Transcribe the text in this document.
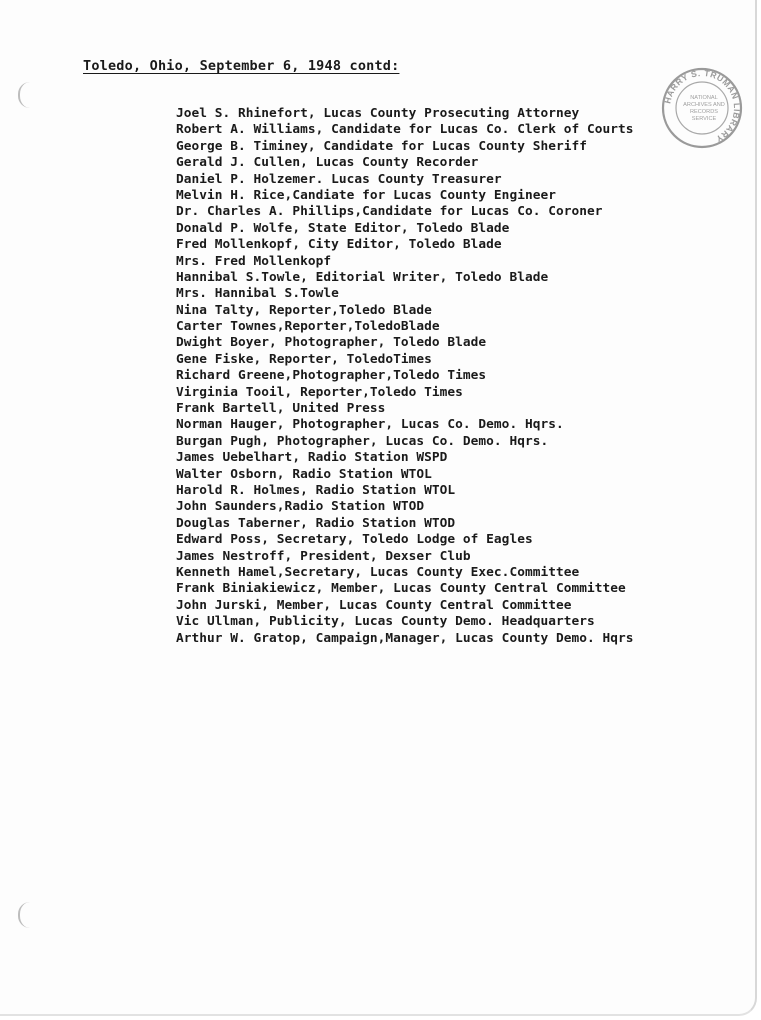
Toledo, Ohio, September 6, 1948 contd:
Joel S. Rhinefort, Lucas County Prosecuting Attorney
Robert A. Williams, Candidate for Lucas Co. Clerk of Courts
George B. Timiney, Candidate for Lucas County Sheriff
Gerald J. Cullen, Lucas County Recorder
Daniel P. Holzemer. Lucas County Treasurer
Melvin H. Rice,Candiate for Lucas County Engineer
Dr. Charles A. Phillips,Candidate for Lucas Co. Coroner
Donald P. Wolfe, State Editor, Toledo Blade
Fred Mollenkopf, City Editor, Toledo Blade
Mrs. Fred Mollenkopf
Hannibal S.Towle, Editorial Writer, Toledo Blade
Mrs. Hannibal S.Towle
Nina Talty, Reporter,Toledo Blade
Carter Townes,Reporter,ToledoBlade
Dwight Boyer, Photographer, Toledo Blade
Gene Fiske, Reporter, ToledoTimes
Richard Greene,Photographer,Toledo Times
Virginia Tooil, Reporter,Toledo Times
Frank Bartell, United Press
Norman Hauger, Photographer, Lucas Co. Demo. Hqrs.
Burgan Pugh, Photographer, Lucas Co. Demo. Hqrs.
James Uebelhart, Radio Station WSPD
Walter Osborn, Radio Station WTOL
Harold R. Holmes, Radio Station WTOL
John Saunders,Radio Station WTOD
Douglas Taberner, Radio Station WTOD
Edward Poss, Secretary, Toledo Lodge of Eagles
James Nestroff, President, Dexser Club
Kenneth Hamel,Secretary, Lucas County Exec.Committee
Frank Biniakiewicz, Member, Lucas County Central Committee
John Jurski, Member, Lucas County Central Committee
Vic Ullman, Publicity, Lucas County Demo. Headquarters
Arthur W. Gratop, Campaign,Manager, Lucas County Demo. Hqrs
HARRY S. TRUMAN LIBRARY
NATIONAL
ARCHIVES AND
RECORDS
SERVICE
